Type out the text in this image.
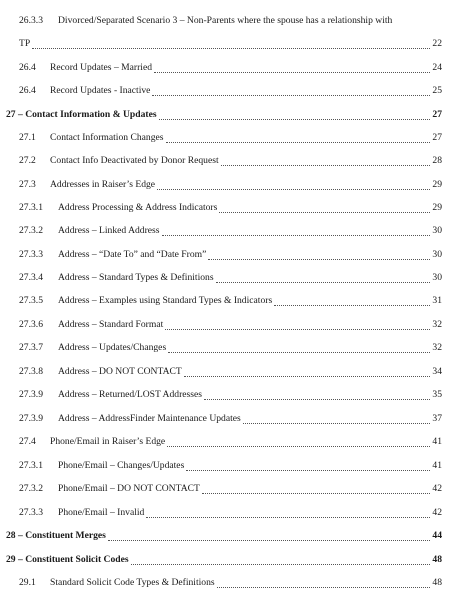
26.3.3 Divorced/Separated Scenario 3 – Non-Parents where the spouse has a relationship with
TP	22
26.4 Record Updates – Married	24
26.4 Record Updates - Inactive	25
27 – Contact Information & Updates	27
27.1 Contact Information Changes	27
27.2 Contact Info Deactivated by Donor Request	28
27.3 Addresses in Raiser’s Edge	29
27.3.1 Address Processing & Address Indicators	29
27.3.2 Address – Linked Address	30
27.3.3 Address – “Date To” and “Date From”	30
27.3.4 Address – Standard Types & Definitions	30
27.3.5 Address – Examples using Standard Types & Indicators	31
27.3.6 Address – Standard Format	32
27.3.7 Address – Updates/Changes	32
27.3.8 Address – DO NOT CONTACT	34
27.3.9 Address – Returned/LOST Addresses	35
27.3.9 Address – AddressFinder Maintenance Updates	37
27.4 Phone/Email in Raiser’s Edge	41
27.3.1 Phone/Email – Changes/Updates	41
27.3.2 Phone/Email – DO NOT CONTACT	42
27.3.3 Phone/Email – Invalid	42
28 – Constituent Merges	44
29 – Constituent Solicit Codes	48
29.1 Standard Solicit Code Types & Definitions	48
